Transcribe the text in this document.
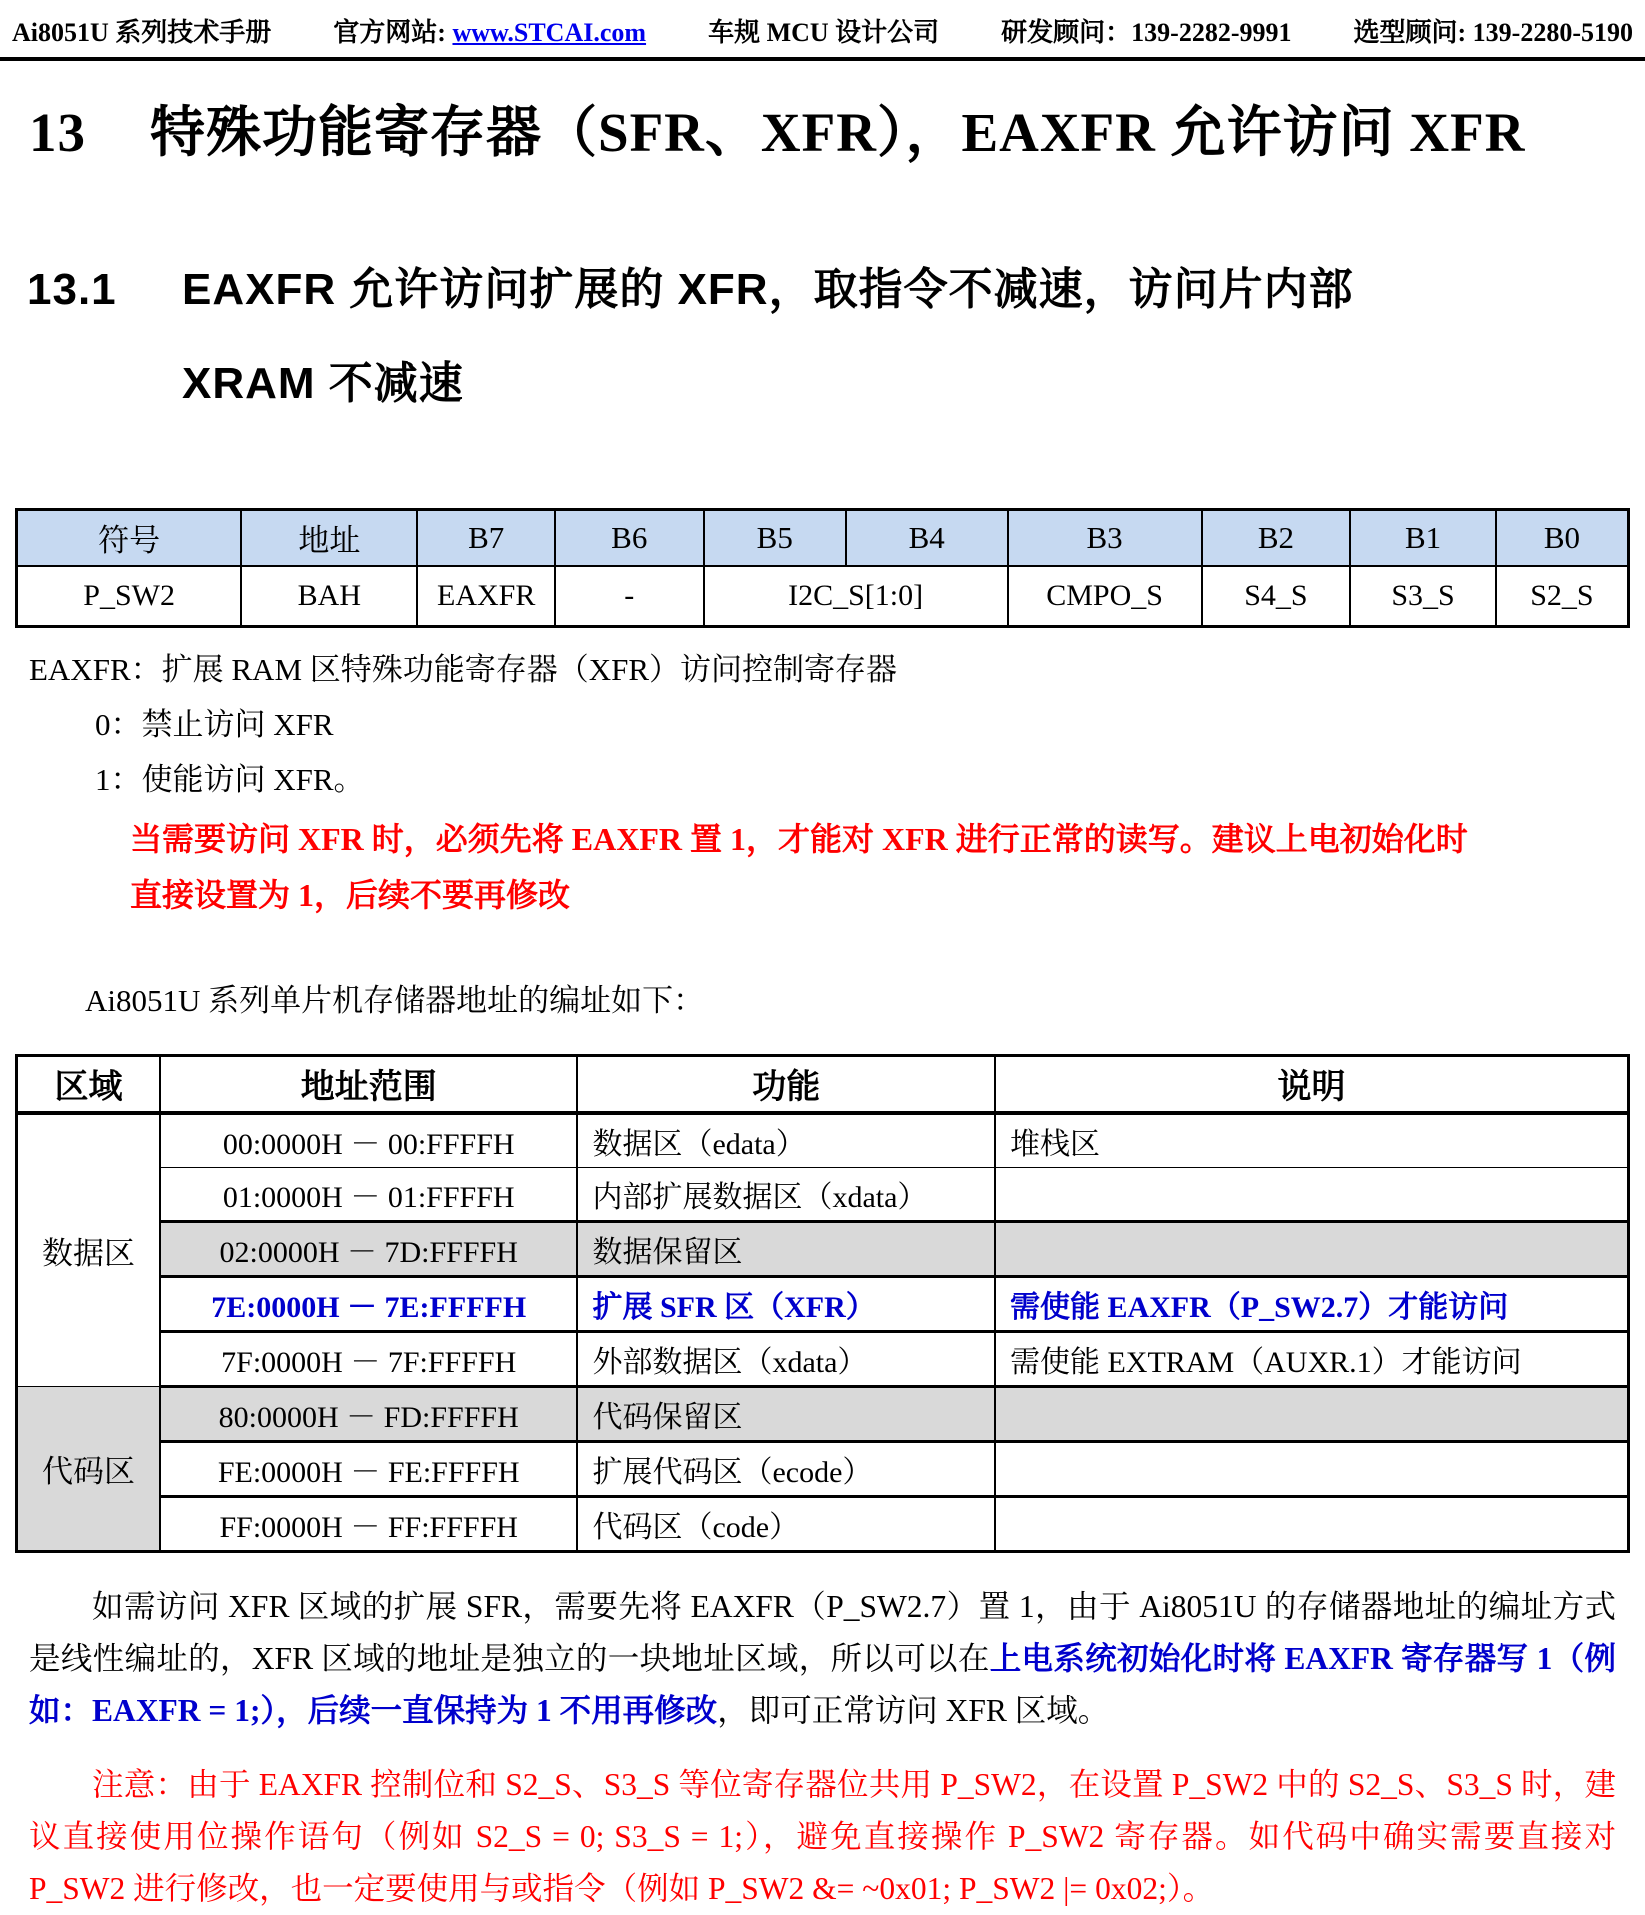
Ai8051U 系列技术手册 官方网站: www.STCAI.com 车规 MCU 设计公司 研发顾问：139-2282-9991 选型顾问: 139-2280-5190
13 特殊功能寄存器（SFR、XFR），EAXFR 允许访问 XFR
13.1	EAXFR 允许访问扩展的 XFR，取指令不减速，访问片内部
XRAM 不减速
符号	地址	B7	B6	B5	B4	B3	B2	B1	B0
P_SW2	BAH	EAXFR	-	I2C_S[1:0]		CMPO_S	S4_S	S3_S	S2_S
EAXFR：扩展 RAM 区特殊功能寄存器（XFR）访问控制寄存器
0：禁止访问 XFR
1：使能访问 XFR。
当需要访问 XFR 时，必须先将 EAXFR 置 1，才能对 XFR 进行正常的读写。建议上电初始化时
直接设置为 1，后续不要再修改
Ai8051U 系列单片机存储器地址的编址如下：
区域	地址范围	功能	说明
数据区	00:0000H － 00:FFFFH	数据区（edata）	堆栈区
	01:0000H － 01:FFFFH	内部扩展数据区（xdata）	
	02:0000H － 7D:FFFFH	数据保留区	
	7E:0000H － 7E:FFFFH	扩展 SFR 区（XFR）	需使能 EAXFR（P_SW2.7）才能访问
	7F:0000H － 7F:FFFFH	外部数据区（xdata）	需使能 EXTRAM（AUXR.1）才能访问
代码区	80:0000H － FD:FFFFH	代码保留区	
	FE:0000H － FE:FFFFH	扩展代码区（ecode）	
	FF:0000H － FF:FFFFH	代码区（code）	

如需访问 XFR 区域的扩展 SFR，需要先将 EAXFR（P_SW2.7）置 1，由于 Ai8051U 的存储器地址的编址方式是线性编址的，XFR 区域的地址是独立的一块地址区域，所以可以在上电系统初始化时将 EAXFR 寄存器写 1（例如：EAXFR = 1;），后续一直保持为 1 不用再修改，即可正常访问 XFR 区域。

注意：由于 EAXFR 控制位和 S2_S、S3_S 等位寄存器位共用 P_SW2，在设置 P_SW2 中的 S2_S、S3_S 时，建议直接使用位操作语句（例如 S2_S = 0; S3_S = 1;），避免直接操作 P_SW2 寄存器。如代码中确实需要直接对 P_SW2 进行修改，也一定要使用与或指令（例如 P_SW2 &= ~0x01; P_SW2 |= 0x02;）。
